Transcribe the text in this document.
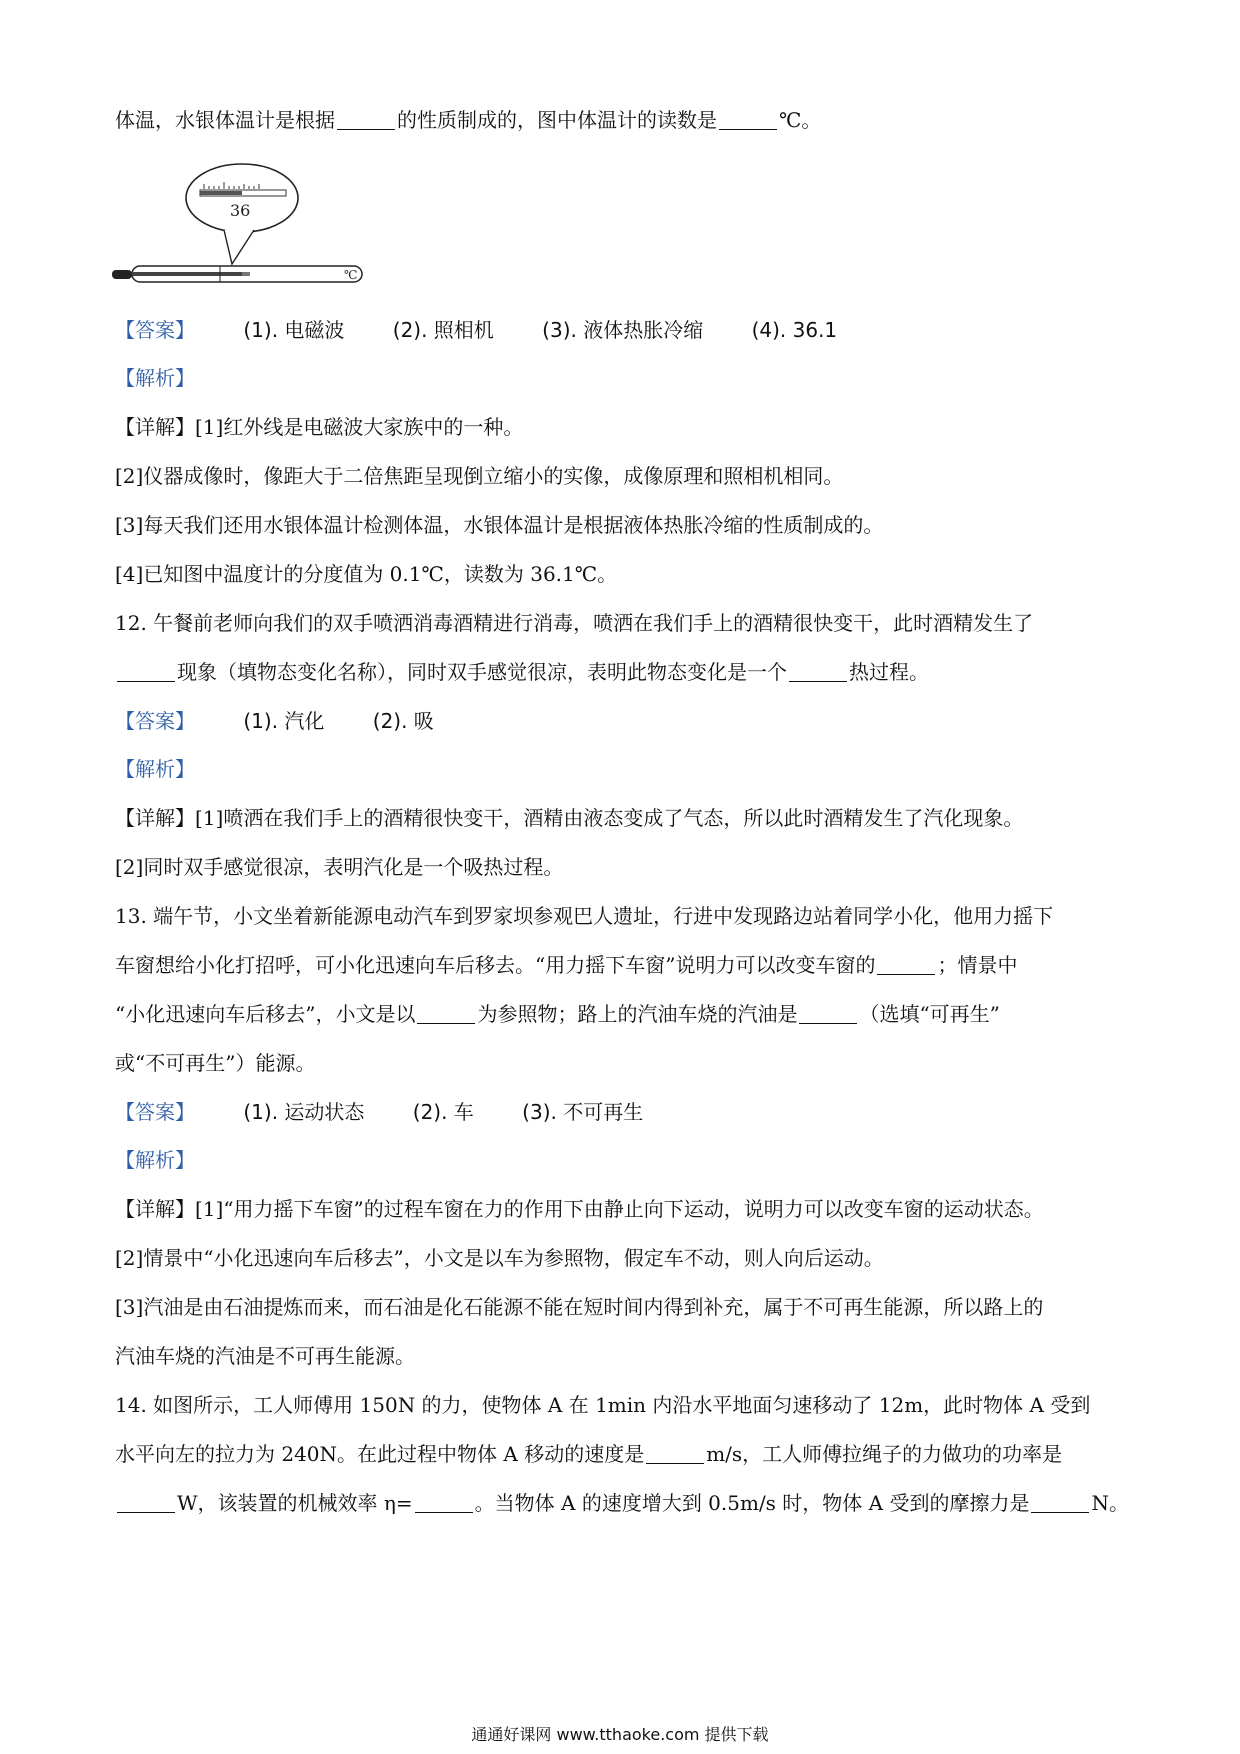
体温，水银体温计是根据	的性质制成的，图中体温计的读数是	℃。
36
℃
【答案】 (1). 电磁波 (2). 照相机 (3). 液体热胀冷缩 (4). 36.1
【解析】
【详解】[1]红外线是电磁波大家族中的一种。
[2]仪器成像时，像距大于二倍焦距呈现倒立缩小的实像，成像原理和照相机相同。
[3]每天我们还用水银体温计检测体温，水银体温计是根据液体热胀冷缩的性质制成的。
[4]已知图中温度计的分度值为 0.1℃，读数为 36.1℃。
12. 午餐前老师向我们的双手喷洒消毒酒精进行消毒，喷洒在我们手上的酒精很快变干，此时酒精发生了
现象（填物态变化名称），同时双手感觉很凉，表明此物态变化是一个	热过程。
【答案】 (1). 汽化 (2). 吸
【解析】
【详解】[1]喷洒在我们手上的酒精很快变干，酒精由液态变成了气态，所以此时酒精发生了汽化现象。
[2]同时双手感觉很凉，表明汽化是一个吸热过程。
13. 端午节，小文坐着新能源电动汽车到罗家坝参观巴人遗址，行进中发现路边站着同学小化，他用力摇下
车窗想给小化打招呼，可小化迅速向车后移去。“用力摇下车窗”说明力可以改变车窗的	；情景中
“小化迅速向车后移去”，小文是以	为参照物；路上的汽油车烧的汽油是	（选填“可再生”
或“不可再生”）能源。
【答案】 (1). 运动状态 (2). 车 (3). 不可再生
【解析】
【详解】[1]“用力摇下车窗”的过程车窗在力的作用下由静止向下运动，说明力可以改变车窗的运动状态。
[2]情景中“小化迅速向车后移去”，小文是以车为参照物，假定车不动，则人向后运动。
[3]汽油是由石油提炼而来，而石油是化石能源不能在短时间内得到补充，属于不可再生能源，所以路上的
汽油车烧的汽油是不可再生能源。
14. 如图所示，工人师傅用 150N 的力，使物体 A 在 1min 内沿水平地面匀速移动了 12m，此时物体 A 受到
水平向左的拉力为 240N。在此过程中物体 A 移动的速度是	m/s，工人师傅拉绳子的力做功的功率是
W，该装置的机械效率 η=	。当物体 A 的速度增大到 0.5m/s 时，物体 A 受到的摩擦力是	N。
通通好课网 www.tthaoke.com 提供下载
